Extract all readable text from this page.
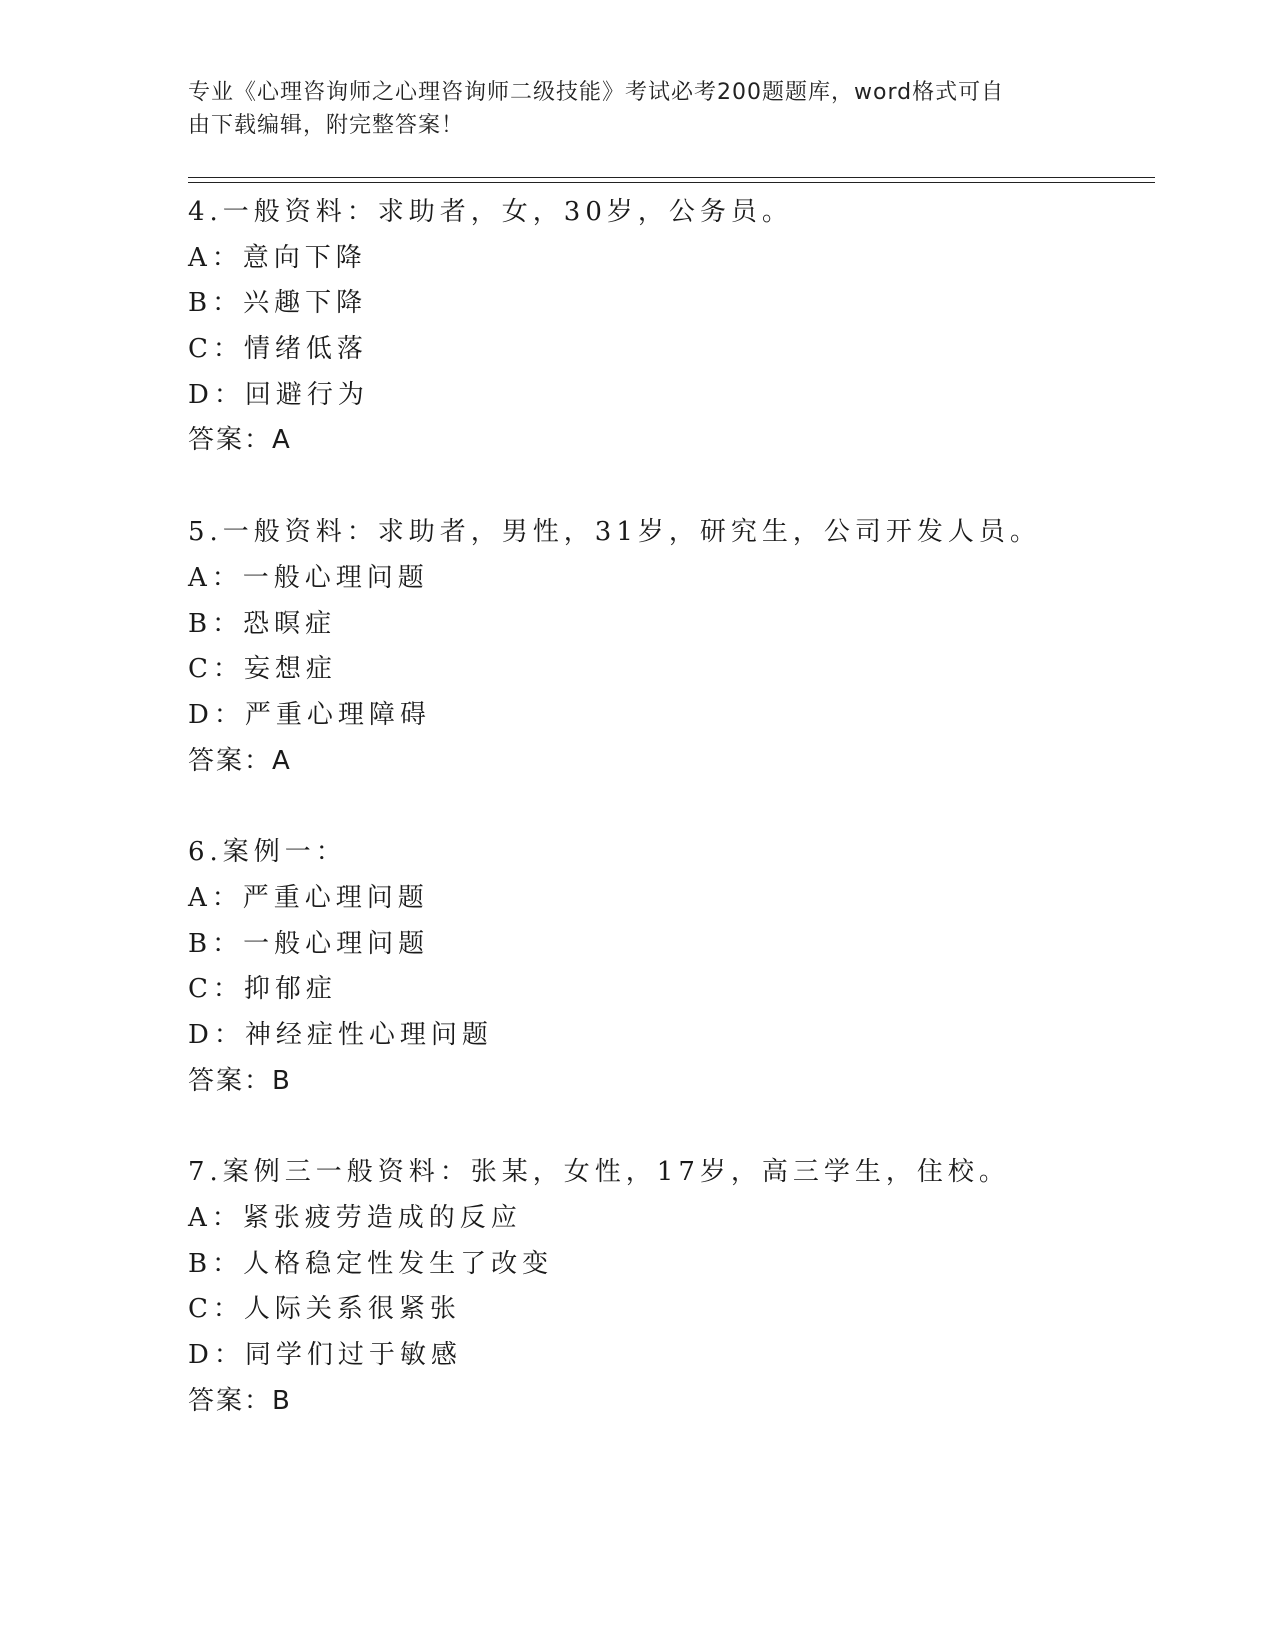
专业《心理咨询师之心理咨询师二级技能》考试必考200题题库，word格式可自
由下载编辑，附完整答案！
4.一般资料：求助者，女，30岁，公务员。
A：意向下降
B：兴趣下降
C：情绪低落
D：回避行为
答案：A
5.一般资料：求助者，男性，31岁，研究生，公司开发人员。
A：一般心理问题
B：恐暝症
C：妄想症
D：严重心理障碍
答案：A
6.案例一：
A：严重心理问题
B：一般心理问题
C：抑郁症
D：神经症性心理问题
答案：B
7.案例三一般资料：张某，女性，17岁，高三学生，住校。
A：紧张疲劳造成的反应
B：人格稳定性发生了改变
C：人际关系很紧张
D：同学们过于敏感
答案：B
